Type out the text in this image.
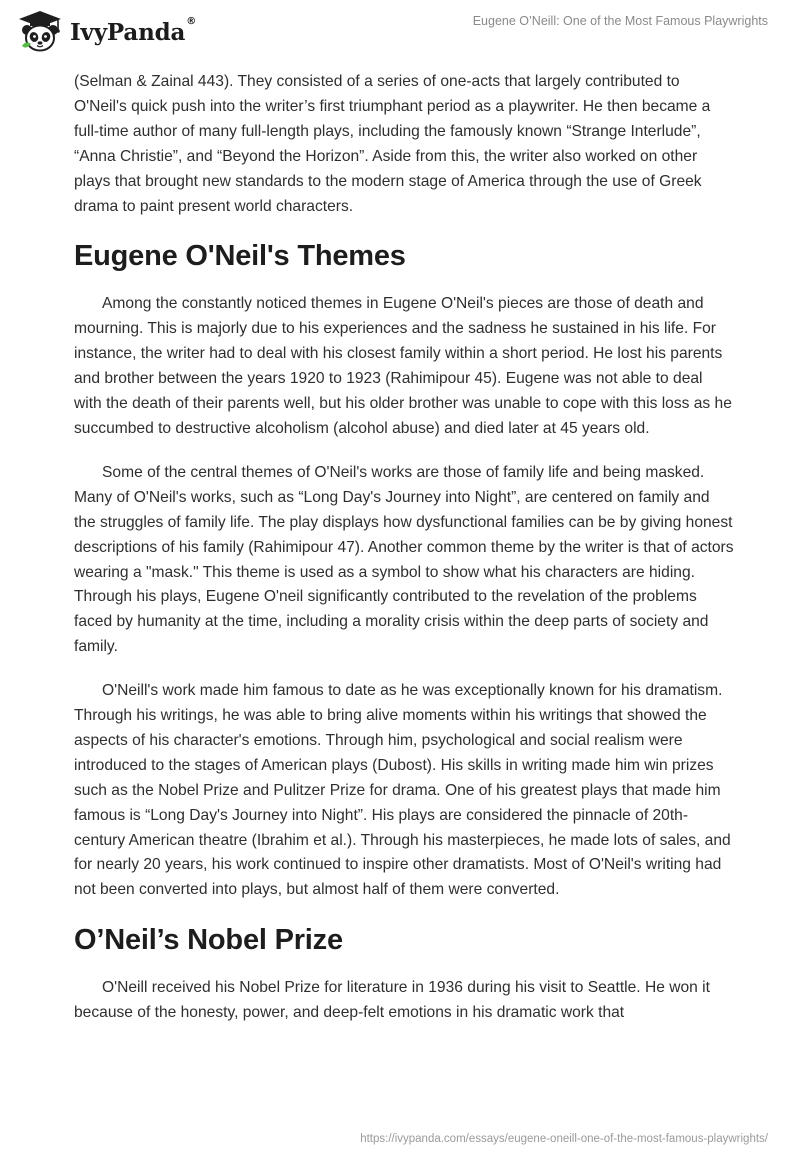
IvyPanda®	Eugene O’Neill: One of the Most Famous Playwrights

(Selman & Zainal 443). They consisted of a series of one-acts that largely contributed to O'Neil's quick push into the writer’s first triumphant period as a playwriter. He then became a full-time author of many full-length plays, including the famously known “Strange Interlude”, “Anna Christie”, and “Beyond the Horizon”. Aside from this, the writer also worked on other plays that brought new standards to the modern stage of America through the use of Greek drama to paint present world characters.

Eugene O'Neil's Themes

Among the constantly noticed themes in Eugene O'Neil's pieces are those of death and mourning. This is majorly due to his experiences and the sadness he sustained in his life. For instance, the writer had to deal with his closest family within a short period. He lost his parents and brother between the years 1920 to 1923 (Rahimipour 45). Eugene was not able to deal with the death of their parents well, but his older brother was unable to cope with this loss as he succumbed to destructive alcoholism (alcohol abuse) and died later at 45 years old.

Some of the central themes of O'Neil's works are those of family life and being masked. Many of O'Neil's works, such as “Long Day's Journey into Night”, are centered on family and the struggles of family life. The play displays how dysfunctional families can be by giving honest descriptions of his family (Rahimipour 47). Another common theme by the writer is that of actors wearing a "mask." This theme is used as a symbol to show what his characters are hiding. Through his plays, Eugene O'neil significantly contributed to the revelation of the problems faced by humanity at the time, including a morality crisis within the deep parts of society and family.

O'Neill's work made him famous to date as he was exceptionally known for his dramatism. Through his writings, he was able to bring alive moments within his writings that showed the aspects of his character's emotions. Through him, psychological and social realism were introduced to the stages of American plays (Dubost). His skills in writing made him win prizes such as the Nobel Prize and Pulitzer Prize for drama. One of his greatest plays that made him famous is “Long Day's Journey into Night”. His plays are considered the pinnacle of 20th-century American theatre (Ibrahim et al.). Through his masterpieces, he made lots of sales, and for nearly 20 years, his work continued to inspire other dramatists. Most of O'Neil's writing had not been converted into plays, but almost half of them were converted.

O’Neil’s Nobel Prize

O'Neill received his Nobel Prize for literature in 1936 during his visit to Seattle. He won it because of the honesty, power, and deep-felt emotions in his dramatic work that

https://ivypanda.com/essays/eugene-oneill-one-of-the-most-famous-playwrights/
